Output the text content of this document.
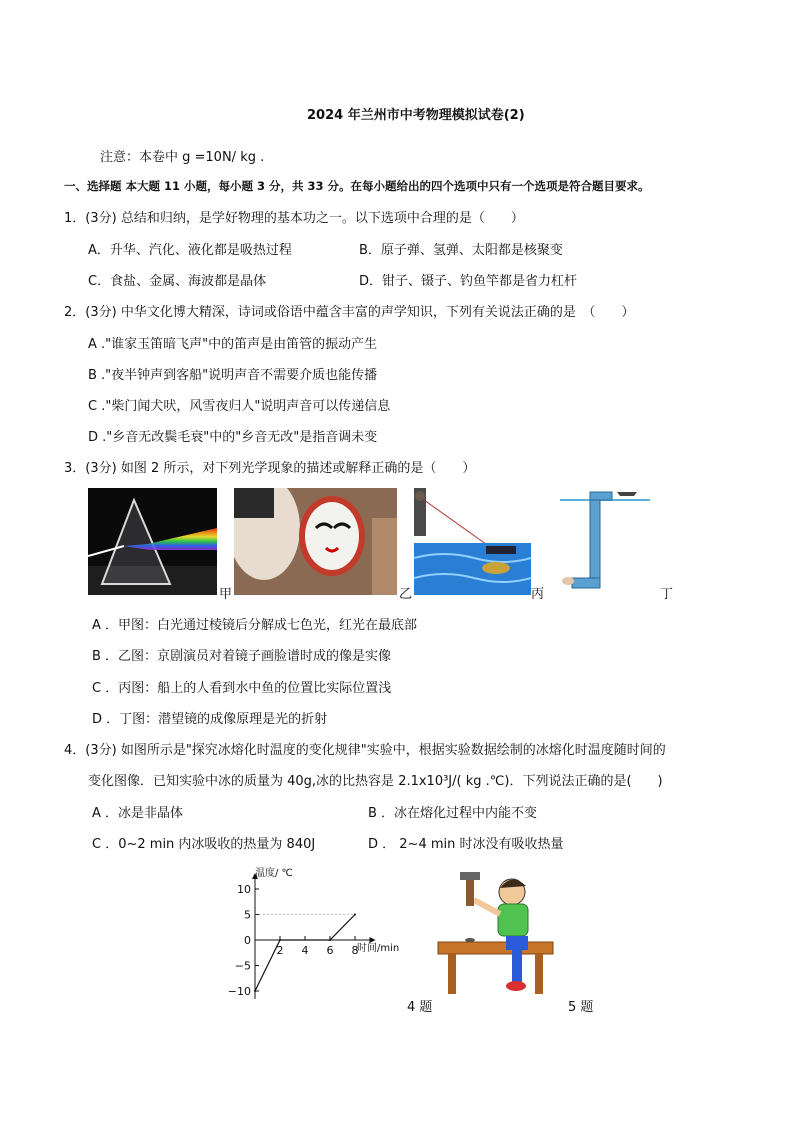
2024 年兰州市中考物理模拟试卷(2)
注意：本卷中 g =10N/ kg .
一、选择题 本大题 11 小题，每小题 3 分，共 33 分。在每小题给出的四个选项中只有一个选项是符合题目要求。
1．(3分) 总结和归纳，是学好物理的基本功之一。以下选项中合理的是（　　）
A．升华、汽化、液化都是吸热过程	B．原子弹、氢弹、太阳都是核聚变
C．食盐、金属、海波都是晶体	D．钳子、镊子、钓鱼竿都是省力杠杆
2．(3分) 中华文化博大精深，诗词或俗语中蕴含丰富的声学知识，下列有关说法正确的是　（　　）
A ."谁家玉笛暗飞声"中的笛声是由笛管的振动产生
B ."夜半钟声到客船"说明声音不需要介质也能传播
C ."柴门闻犬吠，风雪夜归人"说明声音可以传递信息
D ."乡音无改鬓毛衰"中的"乡音无改"是指音调未变
3．(3分) 如图 2 所示，对下列光学现象的描述或解释正确的是（　　）
甲	乙	丙	丁
A ．甲图：白光通过棱镜后分解成七色光，红光在最底部
B ．乙图：京剧演员对着镜子画脸谱时成的像是实像
C ．丙图：船上的人看到水中鱼的位置比实际位置浅
D ．丁图：潜望镜的成像原理是光的折射
4．(3分) 如图所示是"探究冰熔化时温度的变化规律"实验中，根据实验数据绘制的冰熔化时温度随时间的
变化图像．已知实验中冰的质量为 40g,冰的比热容是 2.1x10³J/( kg .℃)．下列说法正确的是(　　)
A ．冰是非晶体	B ．冰在熔化过程中内能不变
C ．0~2 min 内冰吸收的热量为 840J	D ． 2~4 min 时冰没有吸收热量
10
5
0
−5
−10
2 4 6 8
温度/ ℃
时间/min
4 题	5 题
